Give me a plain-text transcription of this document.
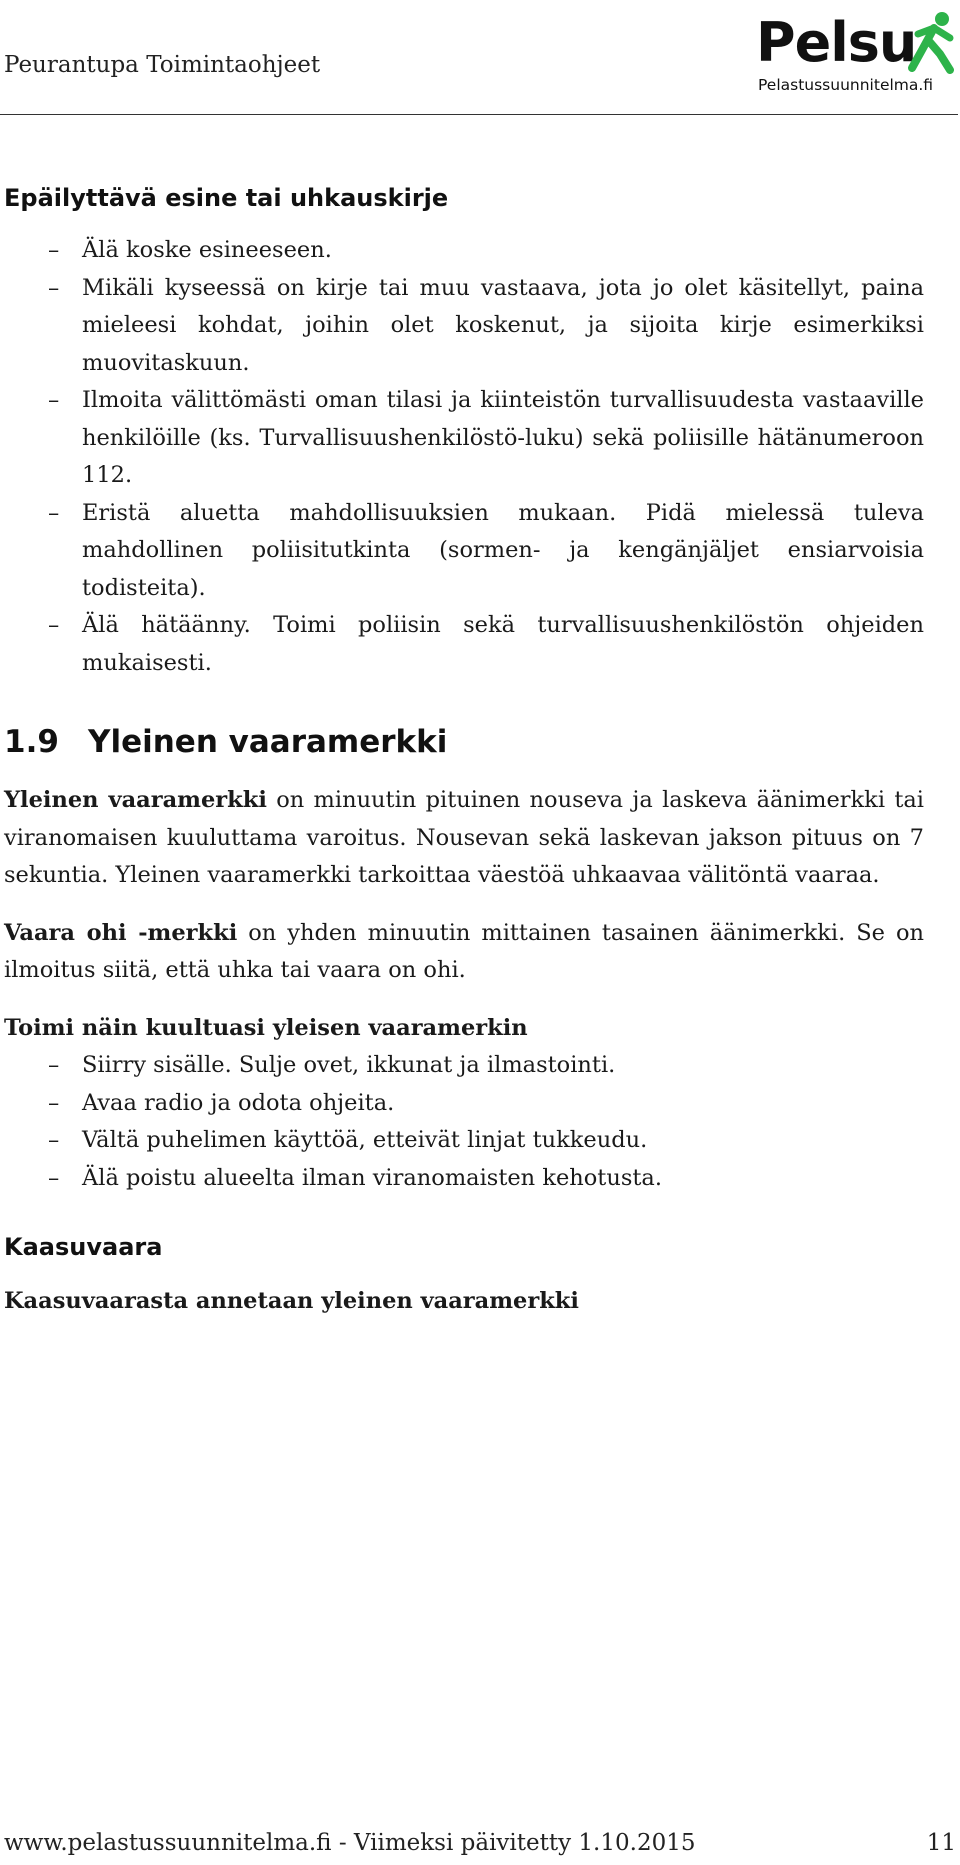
Peurantupa Toimintaohjeet	Pelsu
Pelastussuunnitelma.fi
Epäilyttävä esine tai uhkauskirje
– Älä koske esineeseen.
– Mikäli kyseessä on kirje tai muu vastaava, jota jo olet käsitellyt, paina mieleesi kohdat, joihin olet koskenut, ja sijoita kirje esimerkiksi muovitaskuun.
– Ilmoita välittömästi oman tilasi ja kiinteistön turvallisuudesta vastaaville henkilöille (ks. Turvallisuushenkilöstö-luku) sekä poliisille hätänumeroon 112.
– Eristä aluetta mahdollisuuksien mukaan. Pidä mielessä tuleva mahdollinen poliisitutkinta (sormen- ja kengänjäljet ensiarvoisia todisteita).
– Älä hätäänny. Toimi poliisin sekä turvallisuushenkilöstön ohjeiden mukaisesti.
1.9 Yleinen vaaramerkki

Yleinen vaaramerkki on minuutin pituinen nouseva ja laskeva äänimerkki tai viranomaisen kuuluttama varoitus. Nousevan sekä laskevan jakson pituus on 7 sekuntia. Yleinen vaaramerkki tarkoittaa väestöä uhkaavaa välitöntä vaaraa.

Vaara ohi -merkki on yhden minuutin mittainen tasainen äänimerkki. Se on ilmoitus siitä, että uhka tai vaara on ohi.

Toimi näin kuultuasi yleisen vaaramerkin

– Siirry sisälle. Sulje ovet, ikkunat ja ilmastointi.
– Avaa radio ja odota ohjeita.
– Vältä puhelimen käyttöä, etteivät linjat tukkeudu.
– Älä poistu alueelta ilman viranomaisten kehotusta.
Kaasuvaara

Kaasuvaarasta annetaan yleinen vaaramerkki

www.pelastussuunnitelma.fi - Viimeksi päivitetty 1.10.2015	11
